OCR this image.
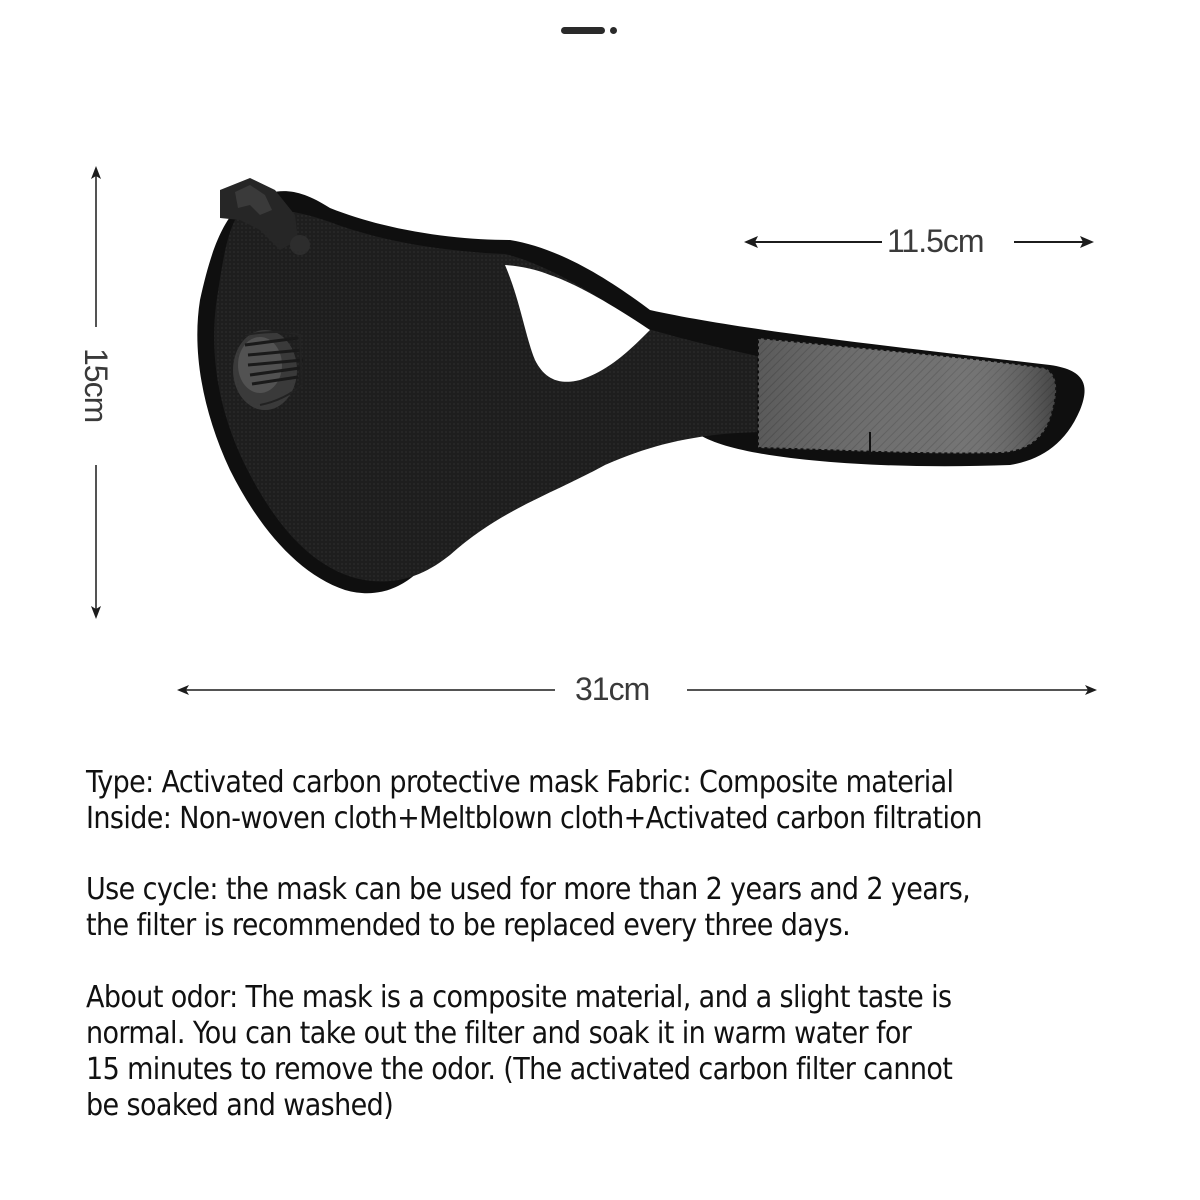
15cm
11.5cm
31cm

Type: Activated carbon protective mask Fabric: Composite material

Inside: Non-woven cloth+Meltblown cloth+Activated carbon filtration

Use cycle: the mask can be used for more than 2 years and 2 years,

the filter is recommended to be replaced every three days.

About odor: The mask is a composite material, and a slight taste is

normal. You can take out the filter and soak it in warm water for

15 minutes to remove the odor. (The activated carbon filter cannot

be soaked and washed)
